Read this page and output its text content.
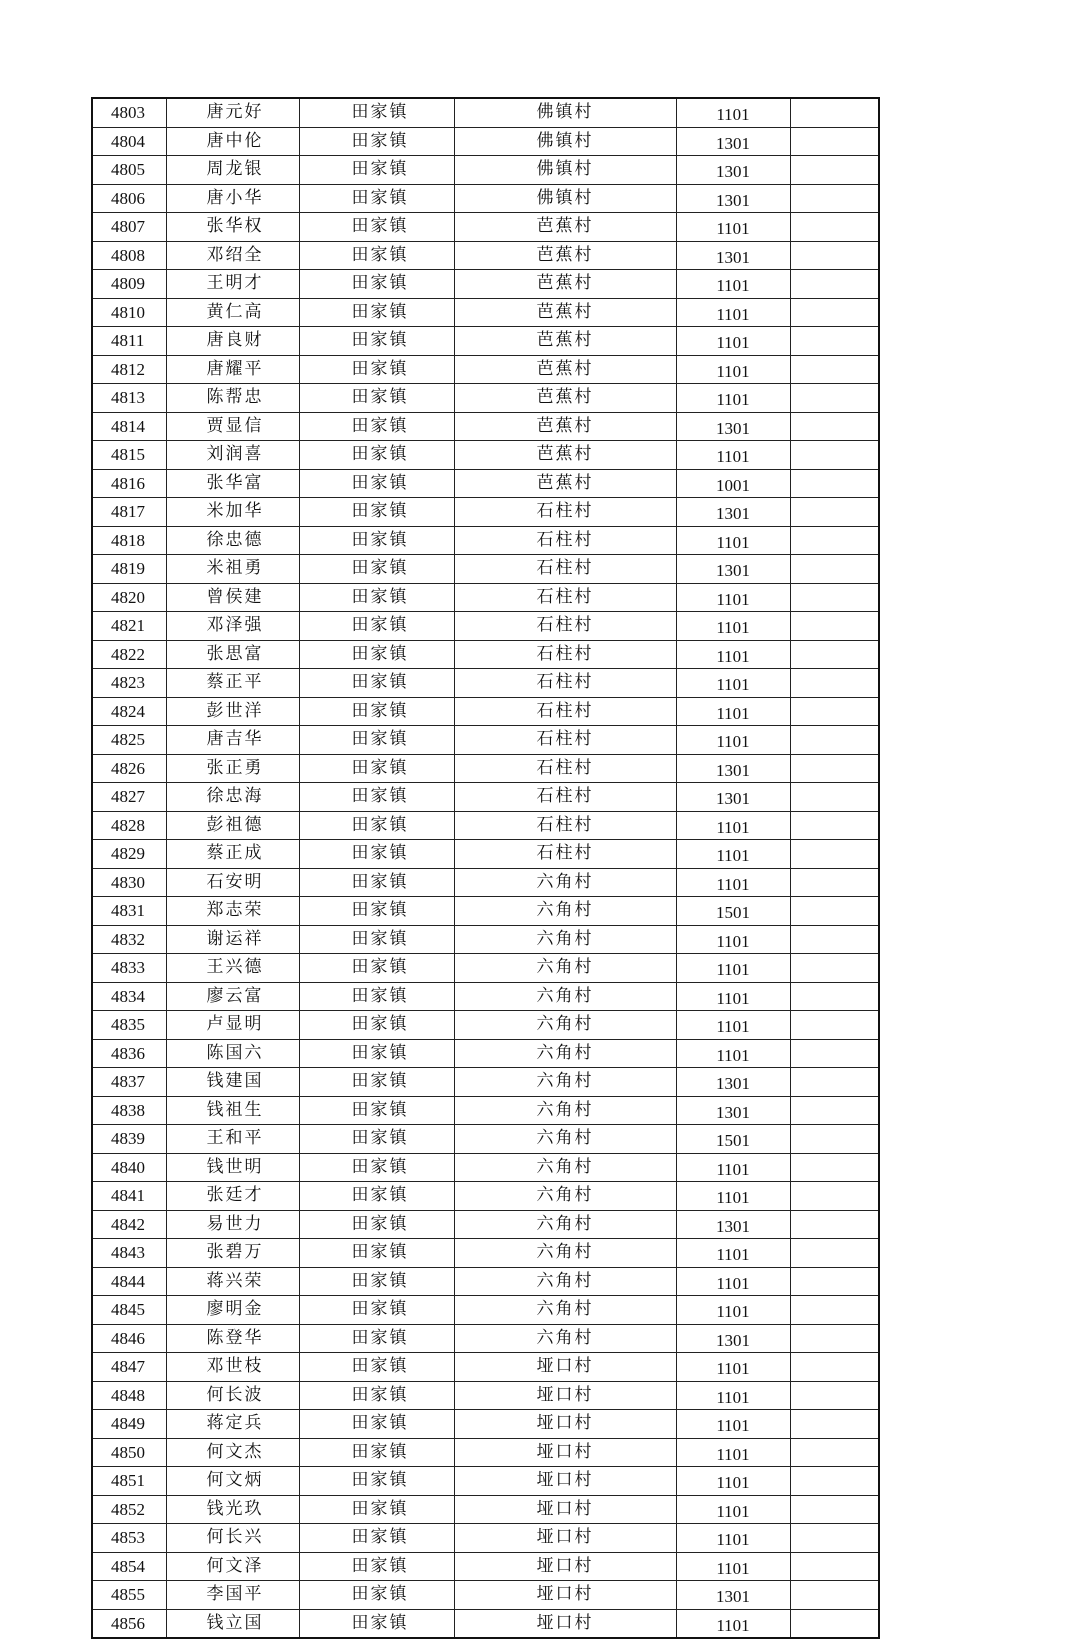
4803	唐元好	田家镇	佛镇村	1101	
4804	唐中伦	田家镇	佛镇村	1301	
4805	周龙银	田家镇	佛镇村	1301	
4806	唐小华	田家镇	佛镇村	1301	
4807	张华权	田家镇	芭蕉村	1101	
4808	邓绍全	田家镇	芭蕉村	1301	
4809	王明才	田家镇	芭蕉村	1101	
4810	黄仁高	田家镇	芭蕉村	1101	
4811	唐良财	田家镇	芭蕉村	1101	
4812	唐耀平	田家镇	芭蕉村	1101	
4813	陈帮忠	田家镇	芭蕉村	1101	
4814	贾显信	田家镇	芭蕉村	1301	
4815	刘润喜	田家镇	芭蕉村	1101	
4816	张华富	田家镇	芭蕉村	1001	
4817	米加华	田家镇	石柱村	1301	
4818	徐忠德	田家镇	石柱村	1101	
4819	米祖勇	田家镇	石柱村	1301	
4820	曾侯建	田家镇	石柱村	1101	
4821	邓泽强	田家镇	石柱村	1101	
4822	张思富	田家镇	石柱村	1101	
4823	蔡正平	田家镇	石柱村	1101	
4824	彭世洋	田家镇	石柱村	1101	
4825	唐吉华	田家镇	石柱村	1101	
4826	张正勇	田家镇	石柱村	1301	
4827	徐忠海	田家镇	石柱村	1301	
4828	彭祖德	田家镇	石柱村	1101	
4829	蔡正成	田家镇	石柱村	1101	
4830	石安明	田家镇	六角村	1101	
4831	郑志荣	田家镇	六角村	1501	
4832	谢运祥	田家镇	六角村	1101	
4833	王兴德	田家镇	六角村	1101	
4834	廖云富	田家镇	六角村	1101	
4835	卢显明	田家镇	六角村	1101	
4836	陈国六	田家镇	六角村	1101	
4837	钱建国	田家镇	六角村	1301	
4838	钱祖生	田家镇	六角村	1301	
4839	王和平	田家镇	六角村	1501	
4840	钱世明	田家镇	六角村	1101	
4841	张廷才	田家镇	六角村	1101	
4842	易世力	田家镇	六角村	1301	
4843	张碧万	田家镇	六角村	1101	
4844	蒋兴荣	田家镇	六角村	1101	
4845	廖明金	田家镇	六角村	1101	
4846	陈登华	田家镇	六角村	1301	
4847	邓世枝	田家镇	垭口村	1101	
4848	何长波	田家镇	垭口村	1101	
4849	蒋定兵	田家镇	垭口村	1101	
4850	何文杰	田家镇	垭口村	1101	
4851	何文炳	田家镇	垭口村	1101	
4852	钱光玖	田家镇	垭口村	1101	
4853	何长兴	田家镇	垭口村	1101	
4854	何文泽	田家镇	垭口村	1101	
4855	李国平	田家镇	垭口村	1301	
4856	钱立国	田家镇	垭口村	1101	
